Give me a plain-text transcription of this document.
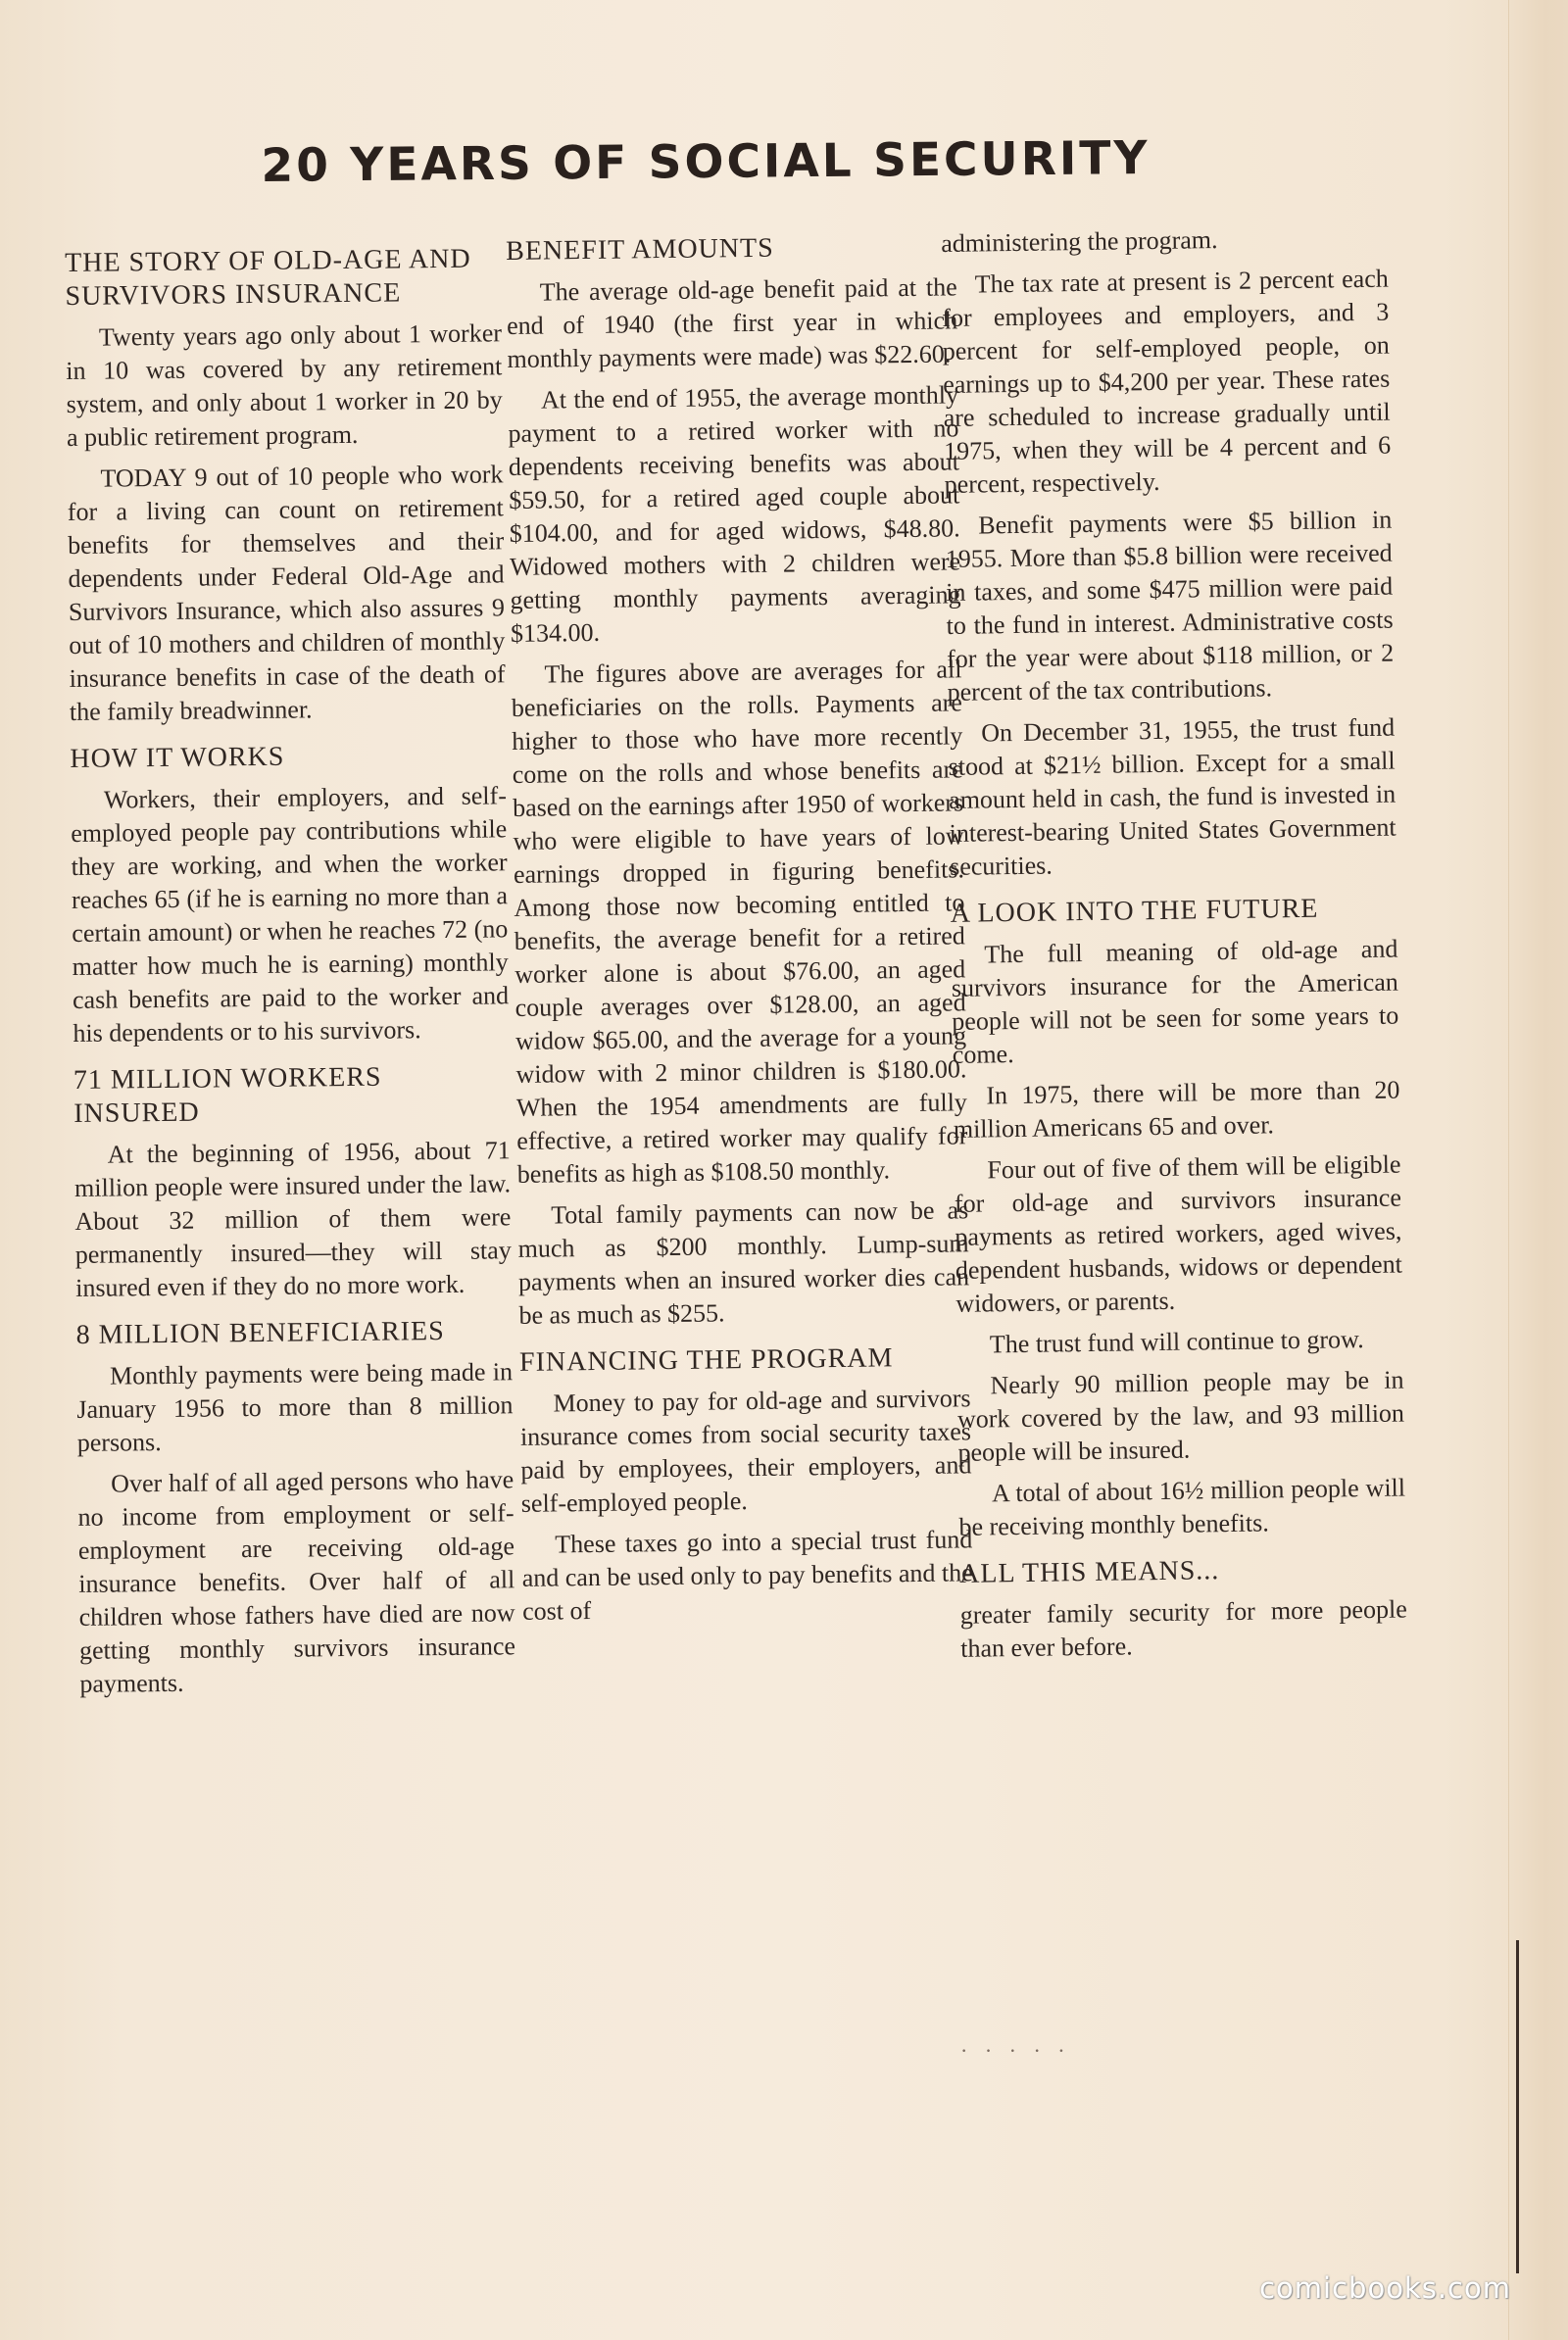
20 YEARS OF SOCIAL SECURITY
THE STORY OF OLD-AGE AND SURVIVORS INSURANCE

Twenty years ago only about 1 worker in 10 was covered by any retirement system, and only about 1 worker in 20 by a public retirement program.

TODAY 9 out of 10 people who work for a living can count on retirement benefits for themselves and their dependents under Federal Old-Age and Survivors Insurance, which also assures 9 out of 10 mothers and children of monthly insurance benefits in case of the death of the family breadwinner.

HOW IT WORKS

Workers, their employers, and self-employed people pay contributions while they are working, and when the worker reaches 65 (if he is earning no more than a certain amount) or when he reaches 72 (no matter how much he is earning) monthly cash benefits are paid to the worker and his dependents or to his survivors.

71 MILLION WORKERS INSURED

At the beginning of 1956, about 71 million people were insured under the law. About 32 million of them were permanently insured—they will stay insured even if they do no more work.

8 MILLION BENEFICIARIES

Monthly payments were being made in January 1956 to more than 8 million persons.

Over half of all aged persons who have no income from employment or self-employment are receiving old-age insurance benefits. Over half of all children whose fathers have died are now getting monthly survivors insurance payments.

BENEFIT AMOUNTS

The average old-age benefit paid at the end of 1940 (the first year in which monthly payments were made) was $22.60.

At the end of 1955, the average monthly payment to a retired worker with no dependents receiving benefits was about $59.50, for a retired aged couple about $104.00, and for aged widows, $48.80. Widowed mothers with 2 children were getting monthly payments averaging $134.00.

The figures above are averages for all beneficiaries on the rolls. Payments are higher to those who have more recently come on the rolls and whose benefits are based on the earnings after 1950 of workers who were eligible to have years of low earnings dropped in figuring benefits. Among those now becoming entitled to benefits, the average benefit for a retired worker alone is about $76.00, an aged couple averages over $128.00, an aged widow $65.00, and the average for a young widow with 2 minor children is $180.00. When the 1954 amendments are fully effective, a retired worker may qualify for benefits as high as $108.50 monthly.

Total family payments can now be as much as $200 monthly. Lump-sum payments when an insured worker dies can be as much as $255.

FINANCING THE PROGRAM

Money to pay for old-age and survivors insurance comes from social security taxes paid by employees, their employers, and self-employed people.

These taxes go into a special trust fund and can be used only to pay benefits and the cost of

administering the program.

The tax rate at present is 2 percent each for employees and employers, and 3 percent for self-employed people, on earnings up to $4,200 per year. These rates are scheduled to increase gradually until 1975, when they will be 4 percent and 6 percent, respectively.

Benefit payments were $5 billion in 1955. More than $5.8 billion were received in taxes, and some $475 million were paid to the fund in interest. Administrative costs for the year were about $118 million, or 2 percent of the tax contributions.

On December 31, 1955, the trust fund stood at $21½ billion. Except for a small amount held in cash, the fund is invested in interest-bearing United States Government securities.

A LOOK INTO THE FUTURE

The full meaning of old-age and survivors insurance for the American people will not be seen for some years to come.

In 1975, there will be more than 20 million Americans 65 and over.

Four out of five of them will be eligible for old-age and survivors insurance payments as retired workers, aged wives, dependent husbands, widows or dependent widowers, or parents.

The trust fund will continue to grow.

Nearly 90 million people may be in work covered by the law, and 93 million people will be insured.

A total of about 16½ million people will be receiving monthly benefits.

ALL THIS MEANS...

greater family security for more people than ever before.

· · · · ·
comicbooks.com
